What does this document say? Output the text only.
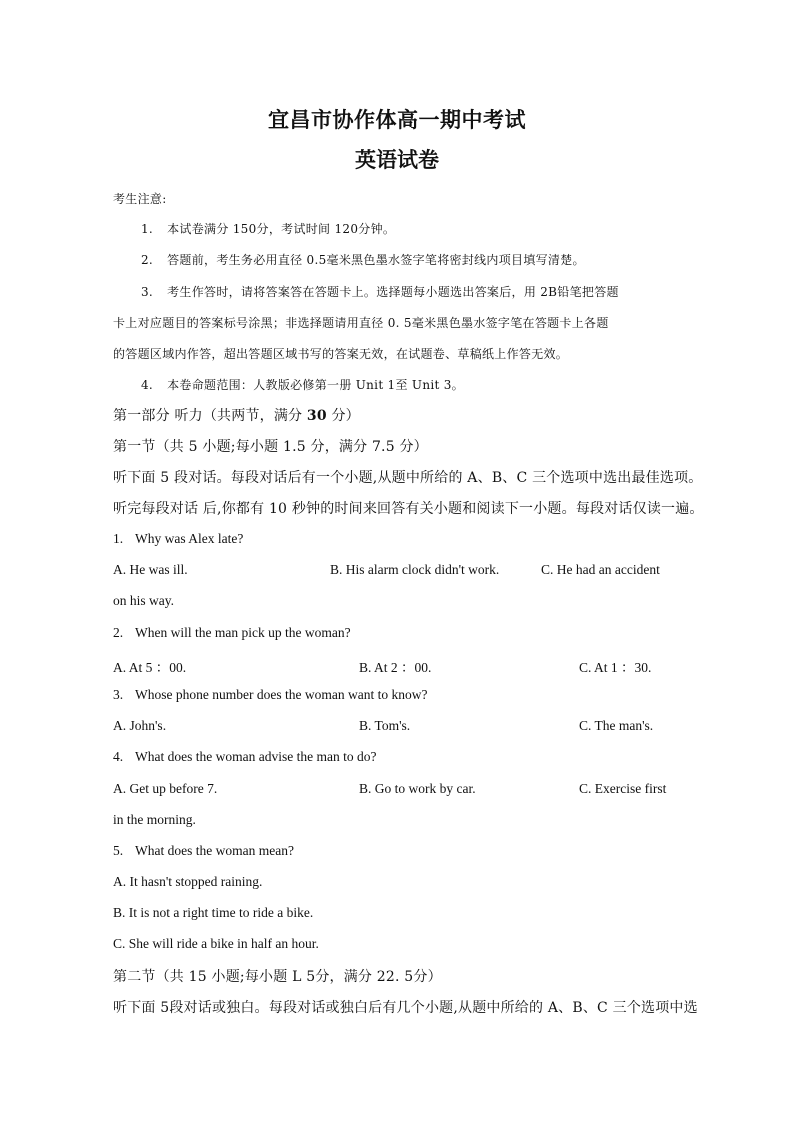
宜昌市协作体高一期中考试
英语试卷
考生注意:
1. 本试卷满分 150分，考试时间 120分钟。
2. 答题前，考生务必用直径 0.5毫米黑色墨水签字笔将密封线内项目填写清楚。
3. 考生作答时，请将答案答在答题卡上。选择题每小题选出答案后，用 2B铅笔把答题
卡上对应题目的答案标号涂黑；非选择题请用直径 0. 5毫米黑色墨水签字笔在答题卡上各题
的答题区域内作答，超出答题区域书写的答案无效，在试题卷、草稿纸上作答无效。
4. 本卷命题范围：人教版必修第一册 Unit 1至 Unit 3。
第一部分 听力（共两节，满分 30 分）
第一节（共 5 小题;每小题 1.5 分，满分 7.5 分）
听下面 5 段对话。每段对话后有一个小题,从题中所给的 A、B、C 三个选项中选出最佳选项。
听完每段对话 后,你都有 10 秒钟的时间来回答有关小题和阅读下一小题。每段对话仅读一遍。
1. Why was Alex late?
A. He was ill.	B. His alarm clock didn't work.	C. He had an accident
on his way.
2. When will the man pick up the woman?
A. At 5 ：00.	B. At 2 ：00.	C. At 1 ：30.
3. Whose phone number does the woman want to know?
A. John's.	B. Tom's.	C. The man's.
4. What does the woman advise the man to do?
A. Get up before 7.	B. Go to work by car.	C. Exercise first
in the morning.
5. What does the woman mean?
A. It hasn't stopped raining.
B. It is not a right time to ride a bike.
C. She will ride a bike in half an hour.
第二节（共 15 小题;每小题 L 5分，满分 22. 5分）
听下面 5段对话或独白。每段对话或独白后有几个小题,从题中所给的 A、B、C 三个选项中选
